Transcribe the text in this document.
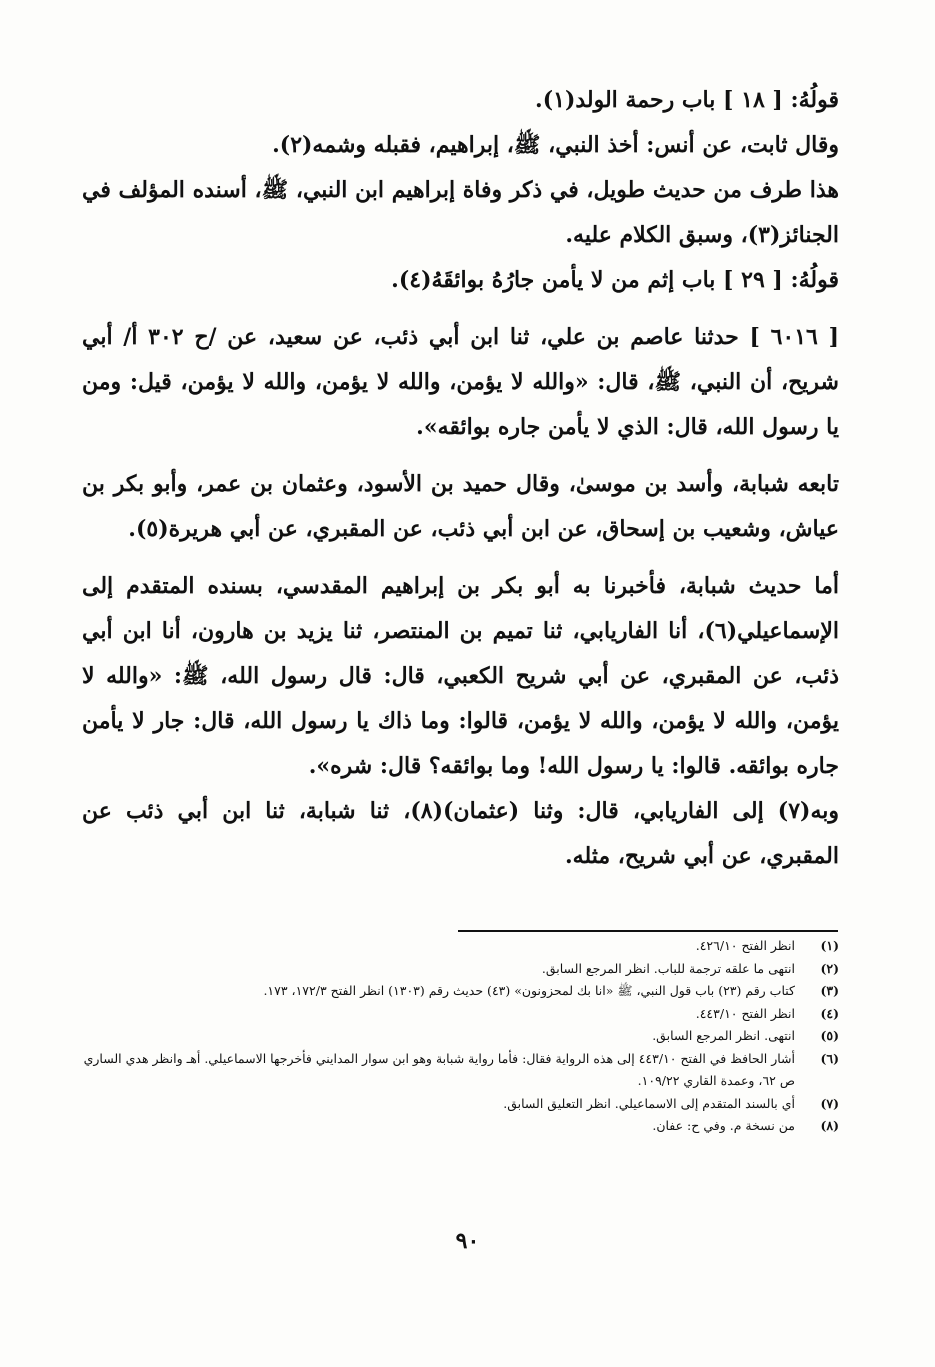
قولُهُ: [ ١٨ ] باب رحمة الولد(١).

وقال ثابت، عن أنس: أخذ النبي، ﷺ، إبراهيم، فقبله وشمه(٢).

هذا طرف من حديث طويل، في ذكر وفاة إبراهيم ابن النبي، ﷺ، أسنده المؤلف في الجنائز(٣)، وسبق الكلام عليه.

قولُهُ: [ ٢٩ ] باب إثم من لا يأمن جارُهُ بوائقَهُ(٤).

[ ٦٠١٦ ] حدثنا عاصم بن علي، ثنا ابن أبي ذئب، عن سعيد، عن /ح ٣٠٢ أ/ أبي شريح، أن النبي، ﷺ، قال: «والله لا يؤمن، والله لا يؤمن، والله لا يؤمن، قيل: ومن يا رسول الله، قال: الذي لا يأمن جاره بوائقه».

تابعه شبابة، وأسد بن موسىٰ، وقال حميد بن الأسود، وعثمان بن عمر، وأبو بكر بن عياش، وشعيب بن إسحاق، عن ابن أبي ذئب، عن المقبري، عن أبي هريرة(٥).

أما حديث شبابة، فأخبرنا به أبو بكر بن إبراهيم المقدسي، بسنده المتقدم إلى الإسماعيلي(٦)، أنا الفاريابي، ثنا تميم بن المنتصر، ثنا يزيد بن هارون، أنا ابن أبي ذئب، عن المقبري، عن أبي شريح الكعبي، قال: قال رسول الله، ﷺ: «والله لا يؤمن، والله لا يؤمن، والله لا يؤمن، قالوا: وما ذاك يا رسول الله، قال: جار لا يأمن جاره بوائقه. قالوا: يا رسول الله! وما بوائقه؟ قال: شره».

وبه(٧) إلى الفاريابي، قال: وثنا (عثمان)(٨)، ثنا شبابة، ثنا ابن أبي ذئب عن المقبري، عن أبي شريح، مثله.

(١)
انظر الفتح ٤٢٦/١٠.
(٢)
انتهى ما علقه ترجمة للباب. انظر المرجع السابق.
(٣)
كتاب رقم (٢٣) باب قول النبي، ﷺ «انا بك لمحزونون» (٤٣) حديث رقم (١٣٠٣) انظر الفتح ١٧٢/٣، ١٧٣.
(٤)
انظر الفتح ٤٤٣/١٠.
(٥)
انتهى. انظر المرجع السابق.
(٦)
أشار الحافظ في الفتح ٤٤٣/١٠ إلى هذه الرواية فقال: فأما رواية شبابة وهو ابن سوار المدايني فأخرجها الاسماعيلي. أهـ وانظر هدي الساري ص ٦٢، وعمدة القاري ١٠٩/٢٢.
(٧)
أي بالسند المتقدم إلى الاسماعيلي. انظر التعليق السابق.
(٨)
من نسخة م. وفي ح: عفان.
٩٠
